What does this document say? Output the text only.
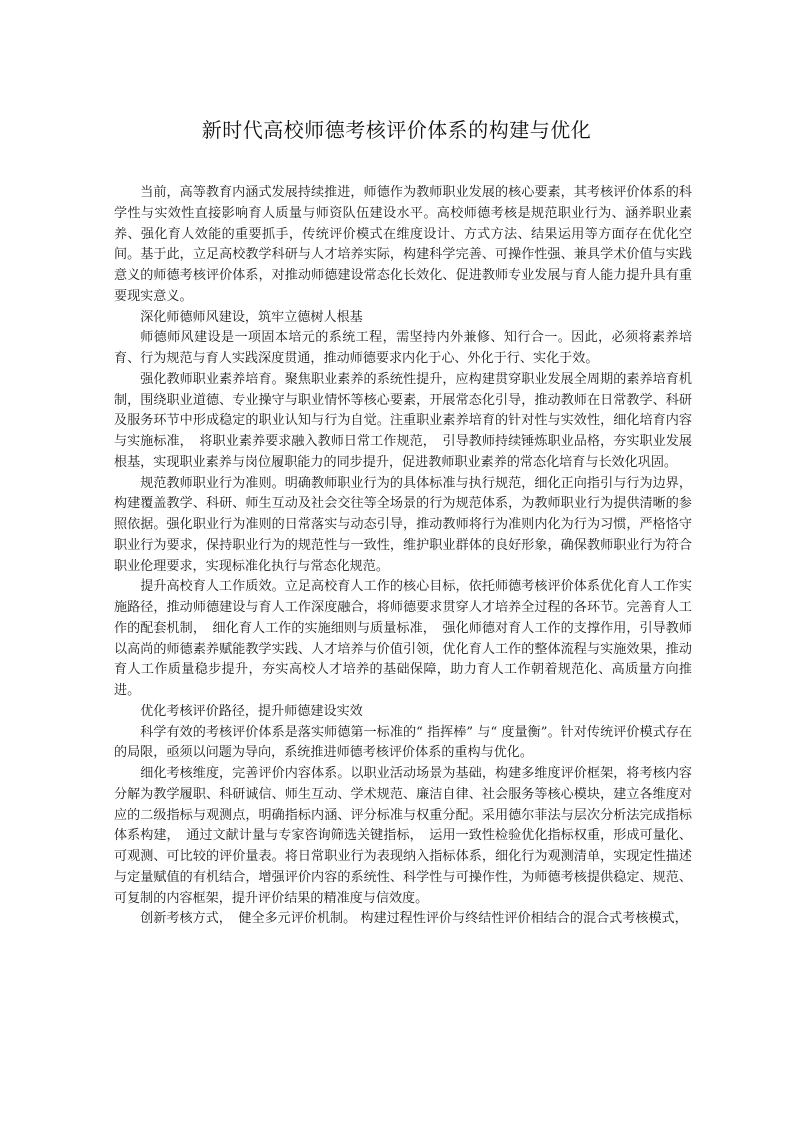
新时代高校师德考核评价体系的构建与优化

当前，高等教育内涵式发展持续推进，师德作为教师职业发展的核心要素，其考核评价体系的科学性与实效性直接影响育人质量与师资队伍建设水平。高校师德考核是规范职业行为、涵养职业素养、强化育人效能的重要抓手，传统评价模式在维度设计、方式方法、结果运用等方面存在优化空间。基于此，立足高校教学科研与人才培养实际，构建科学完善、可操作性强、兼具学术价值与实践意义的师德考核评价体系，对推动师德建设常态化长效化、促进教师专业发展与育人能力提升具有重要现实意义。

深化师德师风建设，筑牢立德树人根基

师德师风建设是一项固本培元的系统工程，需坚持内外兼修、知行合一。因此，必须将素养培育、行为规范与育人实践深度贯通，推动师德要求内化于心、外化于行、实化于效。

强化教师职业素养培育。聚焦职业素养的系统性提升，应构建贯穿职业发展全周期的素养培育机制，围绕职业道德、专业操守与职业情怀等核心要素，开展常态化引导，推动教师在日常教学、科研及服务环节中形成稳定的职业认知与行为自觉。注重职业素养培育的针对性与实效性，细化培育内容与实施标准，　将职业素养要求融入教师日常工作规范，　引导教师持续锤炼职业品格，夯实职业发展根基，实现职业素养与岗位履职能力的同步提升，促进教师职业素养的常态化培育与长效化巩固。

规范教师职业行为准则。明确教师职业行为的具体标准与执行规范，细化正向指引与行为边界，构建覆盖教学、科研、师生互动及社会交往等全场景的行为规范体系，为教师职业行为提供清晰的参照依据。强化职业行为准则的日常落实与动态引导，推动教师将行为准则内化为行为习惯，严格恪守职业行为要求，保持职业行为的规范性与一致性，维护职业群体的良好形象，确保教师职业行为符合职业伦理要求，实现标准化执行与常态化规范。

提升高校育人工作质效。立足高校育人工作的核心目标，依托师德考核评价体系优化育人工作实施路径，推动师德建设与育人工作深度融合，将师德要求贯穿人才培养全过程的各环节。完善育人工作的配套机制，　细化育人工作的实施细则与质量标准，　强化师德对育人工作的支撑作用，引导教师以高尚的师德素养赋能教学实践、人才培养与价值引领，优化育人工作的整体流程与实施效果，推动育人工作质量稳步提升，夯实高校人才培养的基础保障，助力育人工作朝着规范化、高质量方向推进。

优化考核评价路径，提升师德建设实效

科学有效的考核评价体系是落实师德第一标准的“ 指挥棒” 与“ 度量衡”。针对传统评价模式存在的局限，亟须以问题为导向，系统推进师德考核评价体系的重构与优化。

细化考核维度，完善评价内容体系。以职业活动场景为基础，构建多维度评价框架，将考核内容分解为教学履职、科研诚信、师生互动、学术规范、廉洁自律、社会服务等核心模块，建立各维度对应的二级指标与观测点，明确指标内涵、评分标准与权重分配。采用德尔菲法与层次分析法完成指标体系构建，　通过文献计量与专家咨询筛选关键指标，　运用一致性检验优化指标权重，形成可量化、可观测、可比较的评价量表。将日常职业行为表现纳入指标体系，细化行为观测清单，实现定性描述与定量赋值的有机结合，增强评价内容的系统性、科学性与可操作性，为师德考核提供稳定、规范、可复制的内容框架，提升评价结果的精准度与信效度。

创新考核方式，　健全多元评价机制。 构建过程性评价与终结性评价相结合的混合式考核模式，
